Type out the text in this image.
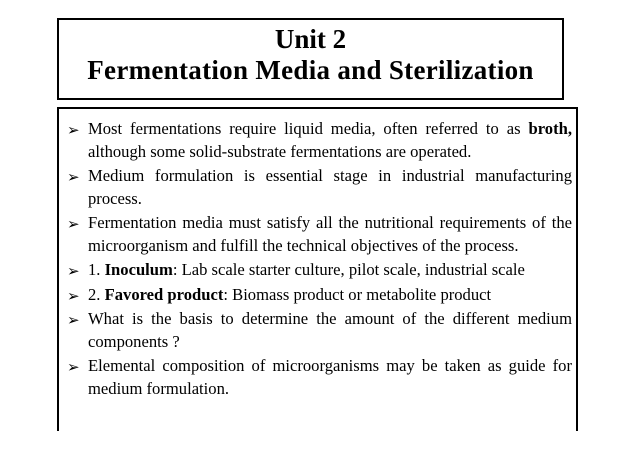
Unit 2
Fermentation Media and Sterilization
➢ Most fermentations require liquid media, often referred to as broth, although some solid-substrate fermentations are operated.
➢ Medium formulation is essential stage in industrial manufacturing process.
➢ Fermentation media must satisfy all the nutritional requirements of the microorganism and fulfill the technical objectives of the process.
➢ 1. Inoculum: Lab scale starter culture, pilot scale, industrial scale
➢ 2. Favored product: Biomass product or metabolite product
➢ What is the basis to determine the amount of the different medium components ?
➢ Elemental composition of microorganisms may be taken as guide for medium formulation.
